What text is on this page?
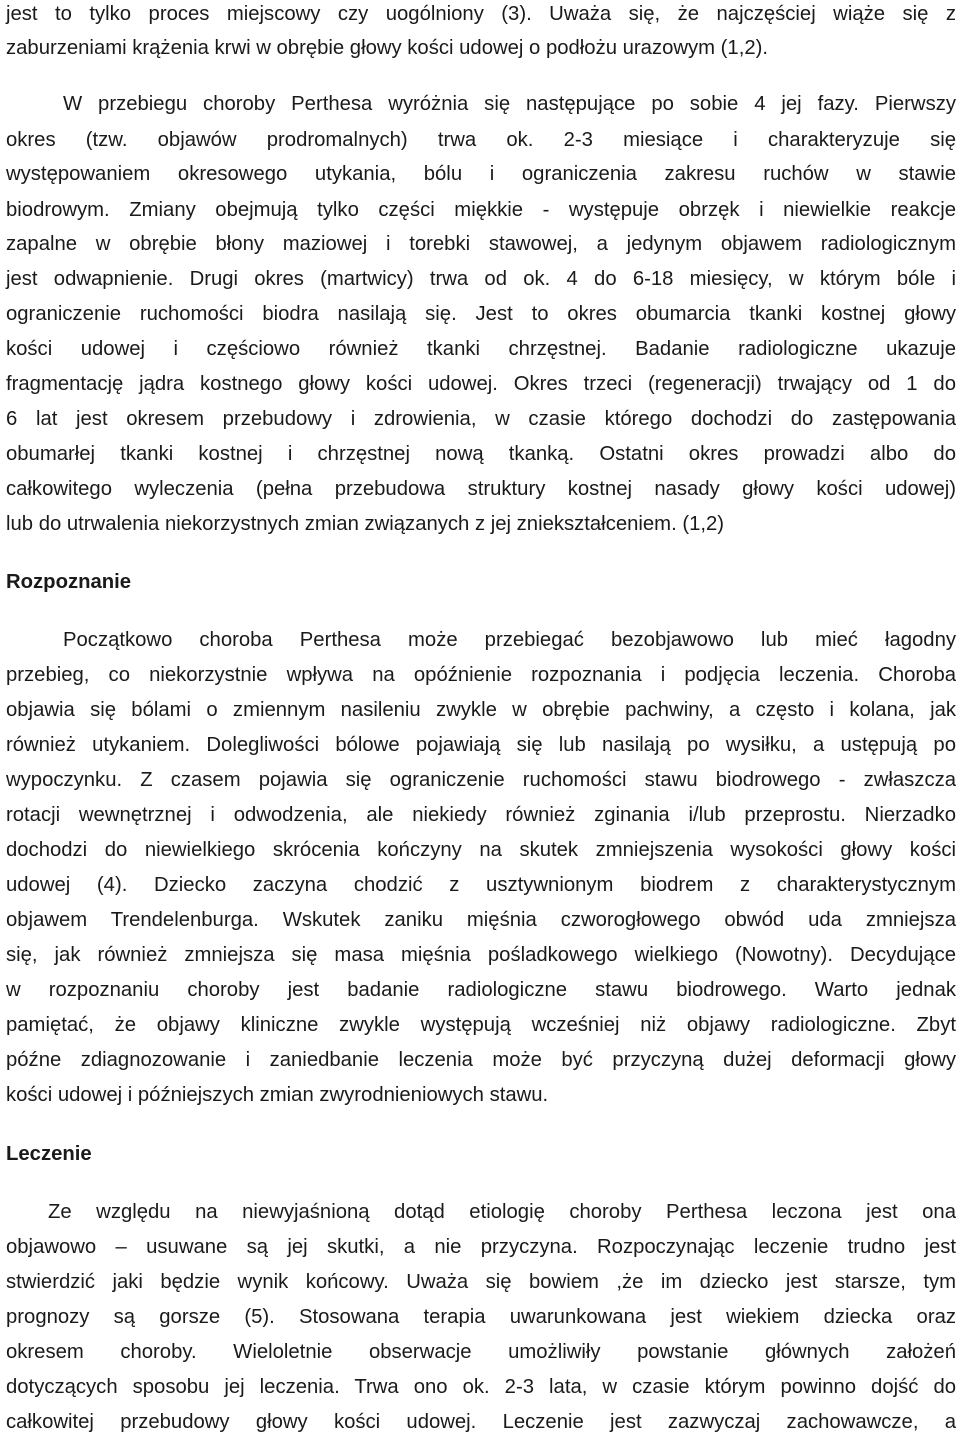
jest to tylko proces miejscowy czy uogólniony (3). Uważa się, że najczęściej wiąże się z
zaburzeniami krążenia krwi w obrębie głowy kości udowej o podłożu urazowym (1,2).
W przebiegu choroby Perthesa wyróżnia się następujące po sobie 4 jej fazy. Pierwszy
okres (tzw. objawów prodromalnych) trwa ok. 2-3 miesiące i charakteryzuje się
występowaniem okresowego utykania, bólu i ograniczenia zakresu ruchów w stawie
biodrowym. Zmiany obejmują tylko części miękkie - występuje obrzęk i niewielkie reakcje
zapalne w obrębie błony maziowej i torebki stawowej, a jedynym objawem radiologicznym
jest odwapnienie. Drugi okres (martwicy) trwa od ok. 4 do 6-18 miesięcy, w którym bóle i
ograniczenie ruchomości biodra nasilają się. Jest to okres obumarcia tkanki kostnej głowy
kości udowej i częściowo również tkanki chrzęstnej. Badanie radiologiczne ukazuje
fragmentację jądra kostnego głowy kości udowej. Okres trzeci (regeneracji) trwający od 1 do
6 lat jest okresem przebudowy i zdrowienia, w czasie którego dochodzi do zastępowania
obumarłej tkanki kostnej i chrzęstnej nową tkanką. Ostatni okres prowadzi albo do
całkowitego wyleczenia (pełna przebudowa struktury kostnej nasady głowy kości udowej)
lub do utrwalenia niekorzystnych zmian związanych z jej zniekształceniem. (1,2)
Rozpoznanie
Początkowo choroba Perthesa może przebiegać bezobjawowo lub mieć łagodny
przebieg, co niekorzystnie wpływa na opóźnienie rozpoznania i podjęcia leczenia. Choroba
objawia się bólami o zmiennym nasileniu zwykle w obrębie pachwiny, a często i kolana, jak
również utykaniem. Dolegliwości bólowe pojawiają się lub nasilają po wysiłku, a ustępują po
wypoczynku. Z czasem pojawia się ograniczenie ruchomości stawu biodrowego - zwłaszcza
rotacji wewnętrznej i odwodzenia, ale niekiedy również zginania i/lub przeprostu. Nierzadko
dochodzi do niewielkiego skrócenia kończyny na skutek zmniejszenia wysokości głowy kości
udowej (4). Dziecko zaczyna chodzić z usztywnionym biodrem z charakterystycznym
objawem Trendelenburga. Wskutek zaniku mięśnia czworogłowego obwód uda zmniejsza
się, jak również zmniejsza się masa mięśnia pośladkowego wielkiego (Nowotny). Decydujące
w rozpoznaniu choroby jest badanie radiologiczne stawu biodrowego. Warto jednak
pamiętać, że objawy kliniczne zwykle występują wcześniej niż objawy radiologiczne. Zbyt
późne zdiagnozowanie i zaniedbanie leczenia może być przyczyną dużej deformacji głowy
kości udowej i późniejszych zmian zwyrodnieniowych stawu.
Leczenie
Ze względu na niewyjaśnioną dotąd etiologię choroby Perthesa leczona jest ona
objawowo – usuwane są jej skutki, a nie przyczyna. Rozpoczynając leczenie trudno jest
stwierdzić jaki będzie wynik końcowy. Uważa się bowiem ,że im dziecko jest starsze, tym
prognozy są gorsze (5). Stosowana terapia uwarunkowana jest wiekiem dziecka oraz
okresem choroby. Wieloletnie obserwacje umożliwiły powstanie głównych założeń
dotyczących sposobu jej leczenia. Trwa ono ok. 2-3 lata, w czasie którym powinno dojść do
całkowitej przebudowy głowy kości udowej. Leczenie jest zazwyczaj zachowawcze, a
